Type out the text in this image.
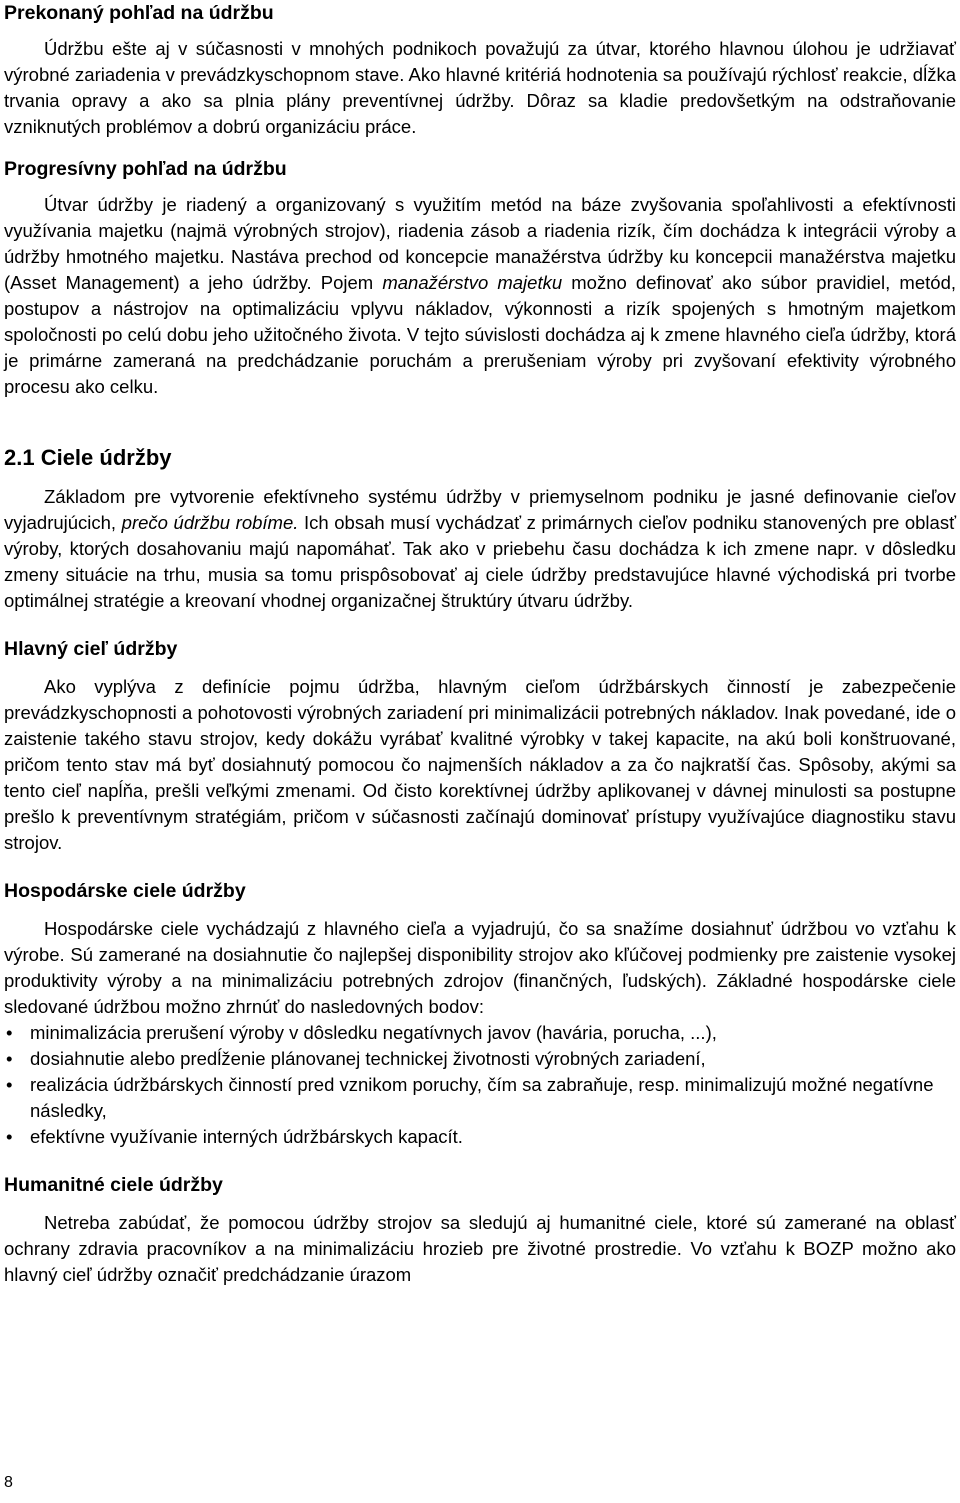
Prekonaný pohľad na údržbu

Údržbu ešte aj v súčasnosti v mnohých podnikoch považujú za útvar, ktorého hlavnou úlohou je udržiavať výrobné zariadenia v prevádzkyschopnom stave. Ako hlavné kritériá hodnotenia sa používajú rýchlosť reakcie, dĺžka trvania opravy a ako sa plnia plány preventívnej údržby. Dôraz sa kladie predovšetkým na odstraňovanie vzniknutých problémov a dobrú organizáciu práce.

Progresívny pohľad na údržbu

Útvar údržby je riadený a organizovaný s využitím metód na báze zvyšovania spoľahlivosti a efektívnosti využívania majetku (najmä výrobných strojov), riadenia zásob a riadenia rizík, čím dochádza k integrácii výroby a údržby hmotného majetku. Nastáva prechod od koncepcie manažérstva údržby ku koncepcii manažérstva majetku (Asset Management) a jeho údržby. Pojem manažérstvo majetku možno definovať ako súbor pravidiel, metód, postupov a nástrojov na optimalizáciu vplyvu nákladov, výkonnosti a rizík spojených s hmotným majetkom spoločnosti po celú dobu jeho užitočného života. V tejto súvislosti dochádza aj k zmene hlavného cieľa údržby, ktorá je primárne zameraná na predchádzanie poruchám a prerušeniam výroby pri zvyšovaní efektivity výrobného procesu ako celku.

2.1 Ciele údržby

Základom pre vytvorenie efektívneho systému údržby v priemyselnom podniku je jasné definovanie cieľov vyjadrujúcich, prečo údržbu robíme. Ich obsah musí vychádzať z primárnych cieľov podniku stanovených pre oblasť výroby, ktorých dosahovaniu majú napomáhať. Tak ako v priebehu času dochádza k ich zmene napr. v dôsledku zmeny situácie na trhu, musia sa tomu prispôsobovať aj ciele údržby predstavujúce hlavné východiská pri tvorbe optimálnej stratégie a kreovaní vhodnej organizačnej štruktúry útvaru údržby.

Hlavný cieľ údržby

Ako vyplýva z definície pojmu údržba, hlavným cieľom údržbárskych činností je zabezpečenie prevádzkyschopnosti a pohotovosti výrobných zariadení pri minimalizácii potrebných nákladov. Inak povedané, ide o zaistenie takého stavu strojov, kedy dokážu vyrábať kvalitné výrobky v takej kapacite, na akú boli konštruované, pričom tento stav má byť dosiahnutý pomocou čo najmenších nákladov a za čo najkratší čas. Spôsoby, akými sa tento cieľ napĺňa, prešli veľkými zmenami. Od čisto korektívnej údržby aplikovanej v dávnej minulosti sa postupne prešlo k preventívnym stratégiám, pričom v súčasnosti začínajú dominovať prístupy využívajúce diagnostiku stavu strojov.

Hospodárske ciele údržby

Hospodárske ciele vychádzajú z hlavného cieľa a vyjadrujú, čo sa snažíme dosiahnuť údržbou vo vzťahu k výrobe. Sú zamerané na dosiahnutie čo najlepšej disponibility strojov ako kľúčovej podmienky pre zaistenie vysokej produktivity výroby a na minimalizáciu potrebných zdrojov (finančných, ľudských). Základné hospodárske ciele sledované údržbou možno zhrnúť do nasledovných bodov:

• minimalizácia prerušení výroby v dôsledku negatívnych javov (havária, porucha, ...),
• dosiahnutie alebo predĺženie plánovanej technickej životnosti výrobných zariadení,
• realizácia údržbárskych činností pred vznikom poruchy, čím sa zabraňuje, resp. minimalizujú možné negatívne následky,
• efektívne využívanie interných údržbárskych kapacít.
Humanitné ciele údržby

Netreba zabúdať, že pomocou údržby strojov sa sledujú aj humanitné ciele, ktoré sú zamerané na oblasť ochrany zdravia pracovníkov a na minimalizáciu hrozieb pre životné prostredie. Vo vzťahu k BOZP možno ako hlavný cieľ údržby označiť predchádzanie úrazom

8
